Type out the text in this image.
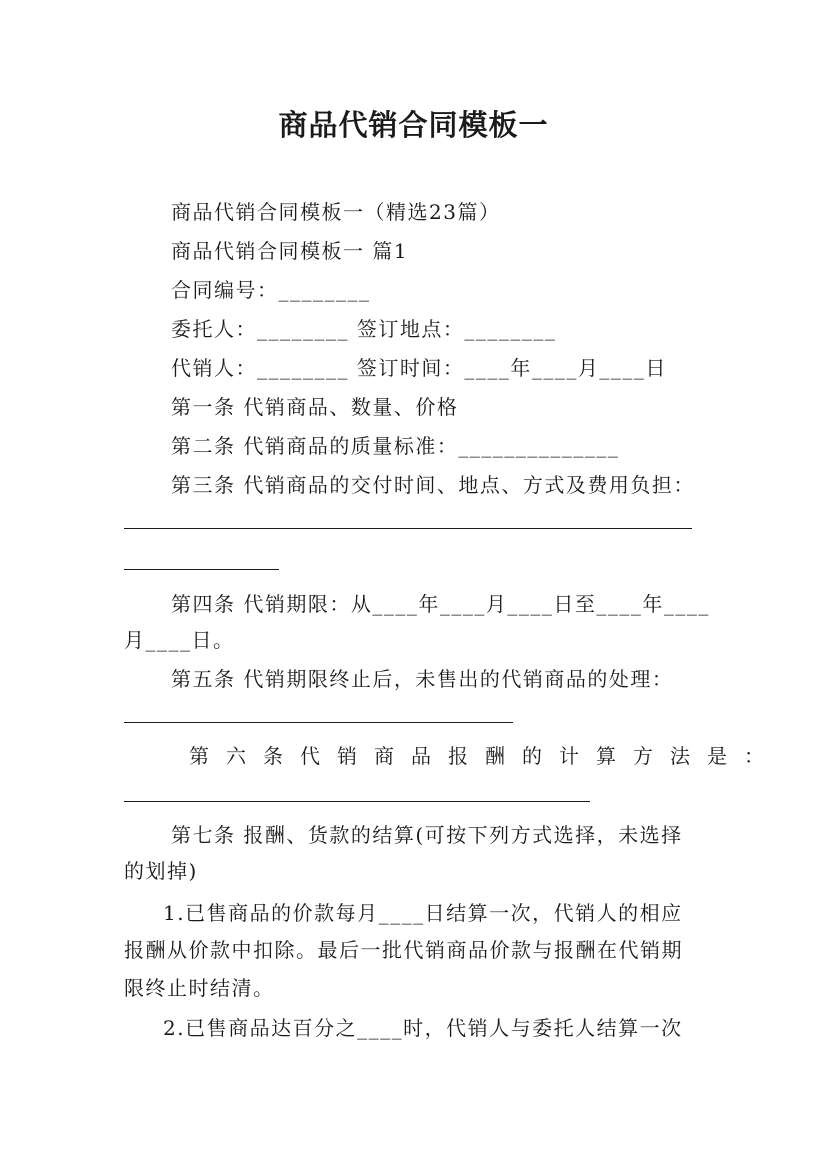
商品代销合同模板一
商品代销合同模板一（精选23篇）
商品代销合同模板一 篇1
合同编号：________
委托人：________ 签订地点：________
代销人：________ 签订时间：____年____月____日
第一条 代销商品、数量、价格
第二条 代销商品的质量标准：______________
第三条 代销商品的交付时间、地点、方式及费用负担：
第四条 代销期限：从____年____月____日至____年____
月____日。
第五条 代销期限终止后，未售出的代销商品的处理：
第六条代销商品报酬的计算方法是：
第七条 报酬、货款的结算(可按下列方式选择，未选择
的划掉)
1.已售商品的价款每月____日结算一次，代销人的相应
报酬从价款中扣除。最后一批代销商品价款与报酬在代销期
限终止时结清。
2.已售商品达百分之____时，代销人与委托人结算一次
